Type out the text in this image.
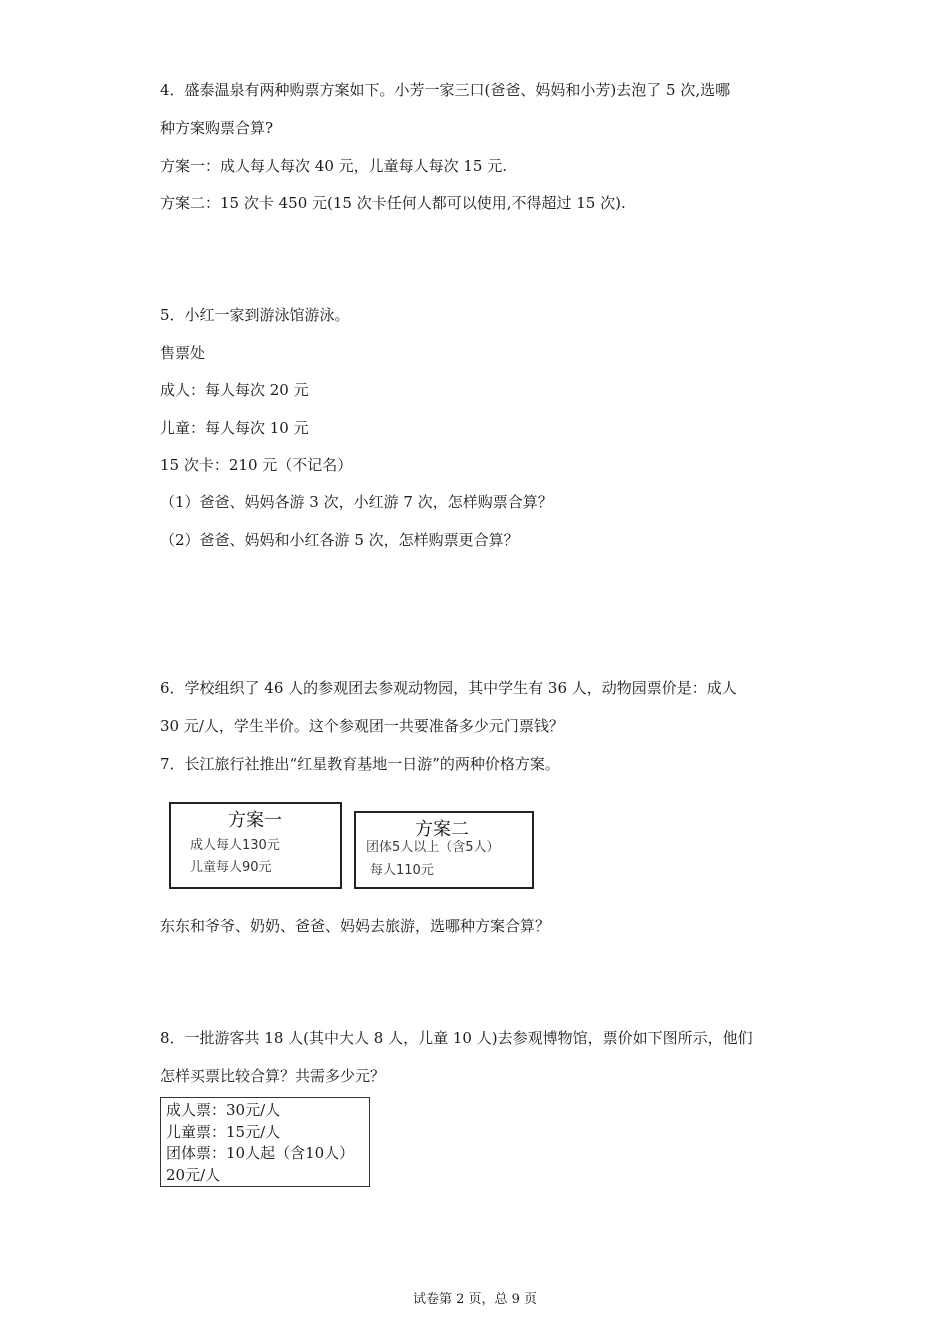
4．盛泰温泉有两种购票方案如下。小芳一家三口(爸爸、妈妈和小芳)去泡了 5 次,选哪
种方案购票合算?
方案一：成人每人每次 40 元，儿童每人每次 15 元.
方案二：15 次卡 450 元(15 次卡任何人都可以使用,不得超过 15 次).
5．小红一家到游泳馆游泳。
售票处
成人：每人每次 20 元
儿童：每人每次 10 元
15 次卡：210 元（不记名）
（1）爸爸、妈妈各游 3 次，小红游 7 次，怎样购票合算？
（2）爸爸、妈妈和小红各游 5 次，怎样购票更合算？
6．学校组织了 46 人的参观团去参观动物园，其中学生有 36 人，动物园票价是：成人
30 元/人，学生半价。这个参观团一共要准备多少元门票钱？
7．长江旅行社推出“红星教育基地一日游”的两种价格方案。
方案一
成人每人130元
儿童每人90元
方案二
团体5人以上（含5人）
每人110元
东东和爷爷、奶奶、爸爸、妈妈去旅游，选哪种方案合算？
8．一批游客共 18 人(其中大人 8 人，儿童 10 人)去参观博物馆，票价如下图所示，他们
怎样买票比较合算？共需多少元？
成人票：30元/人
儿童票：15元/人
团体票：10人起（含10人）
20元/人
试卷第 2 页，总 9 页
